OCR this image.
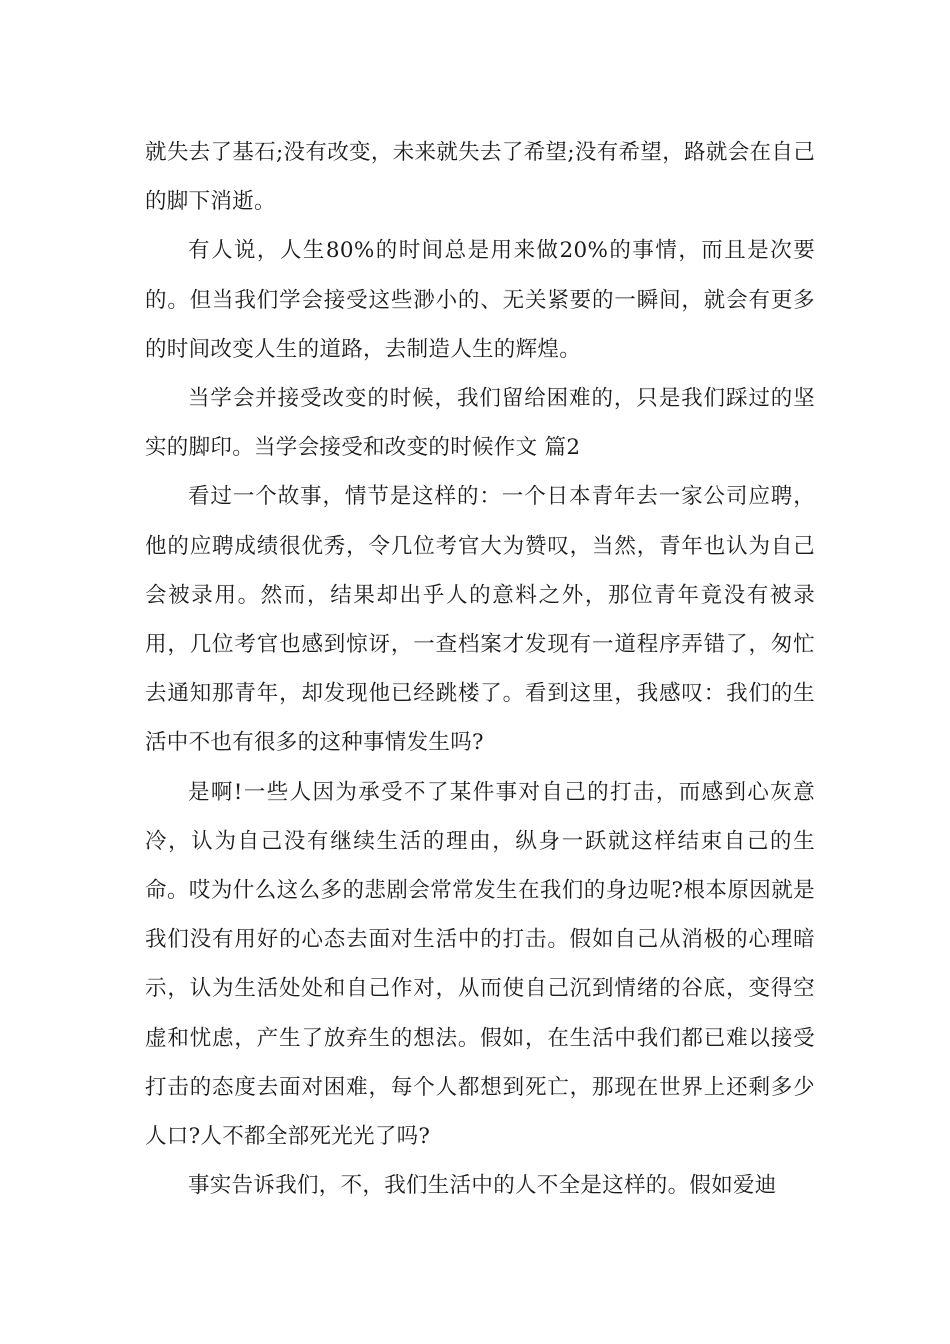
就失去了基石;没有改变，未来就失去了希望;没有希望，路就会在自己的脚下消逝。

有人说，人生80%的时间总是用来做20%的事情，而且是次要的。但当我们学会接受这些渺小的、无关紧要的一瞬间，就会有更多的时间改变人生的道路，去制造人生的辉煌。

当学会并接受改变的时候，我们留给困难的，只是我们踩过的坚实的脚印。当学会接受和改变的时候作文 篇2

看过一个故事，情节是这样的：一个日本青年去一家公司应聘，他的应聘成绩很优秀，令几位考官大为赞叹，当然，青年也认为自己会被录用。然而，结果却出乎人的意料之外，那位青年竟没有被录用，几位考官也感到惊讶，一查档案才发现有一道程序弄错了，匆忙去通知那青年，却发现他已经跳楼了。看到这里，我感叹：我们的生活中不也有很多的这种事情发生吗?

是啊!一些人因为承受不了某件事对自己的打击，而感到心灰意冷，认为自己没有继续生活的理由，纵身一跃就这样结束自己的生命。哎为什么这么多的悲剧会常常发生在我们的身边呢?根本原因就是我们没有用好的心态去面对生活中的打击。假如自己从消极的心理暗示，认为生活处处和自己作对，从而使自己沉到情绪的谷底，变得空虚和忧虑，产生了放弃生的想法。假如，在生活中我们都已难以接受打击的态度去面对困难，每个人都想到死亡，那现在世界上还剩多少人口?人不都全部死光光了吗?

事实告诉我们，不，我们生活中的人不全是这样的。假如爱迪
